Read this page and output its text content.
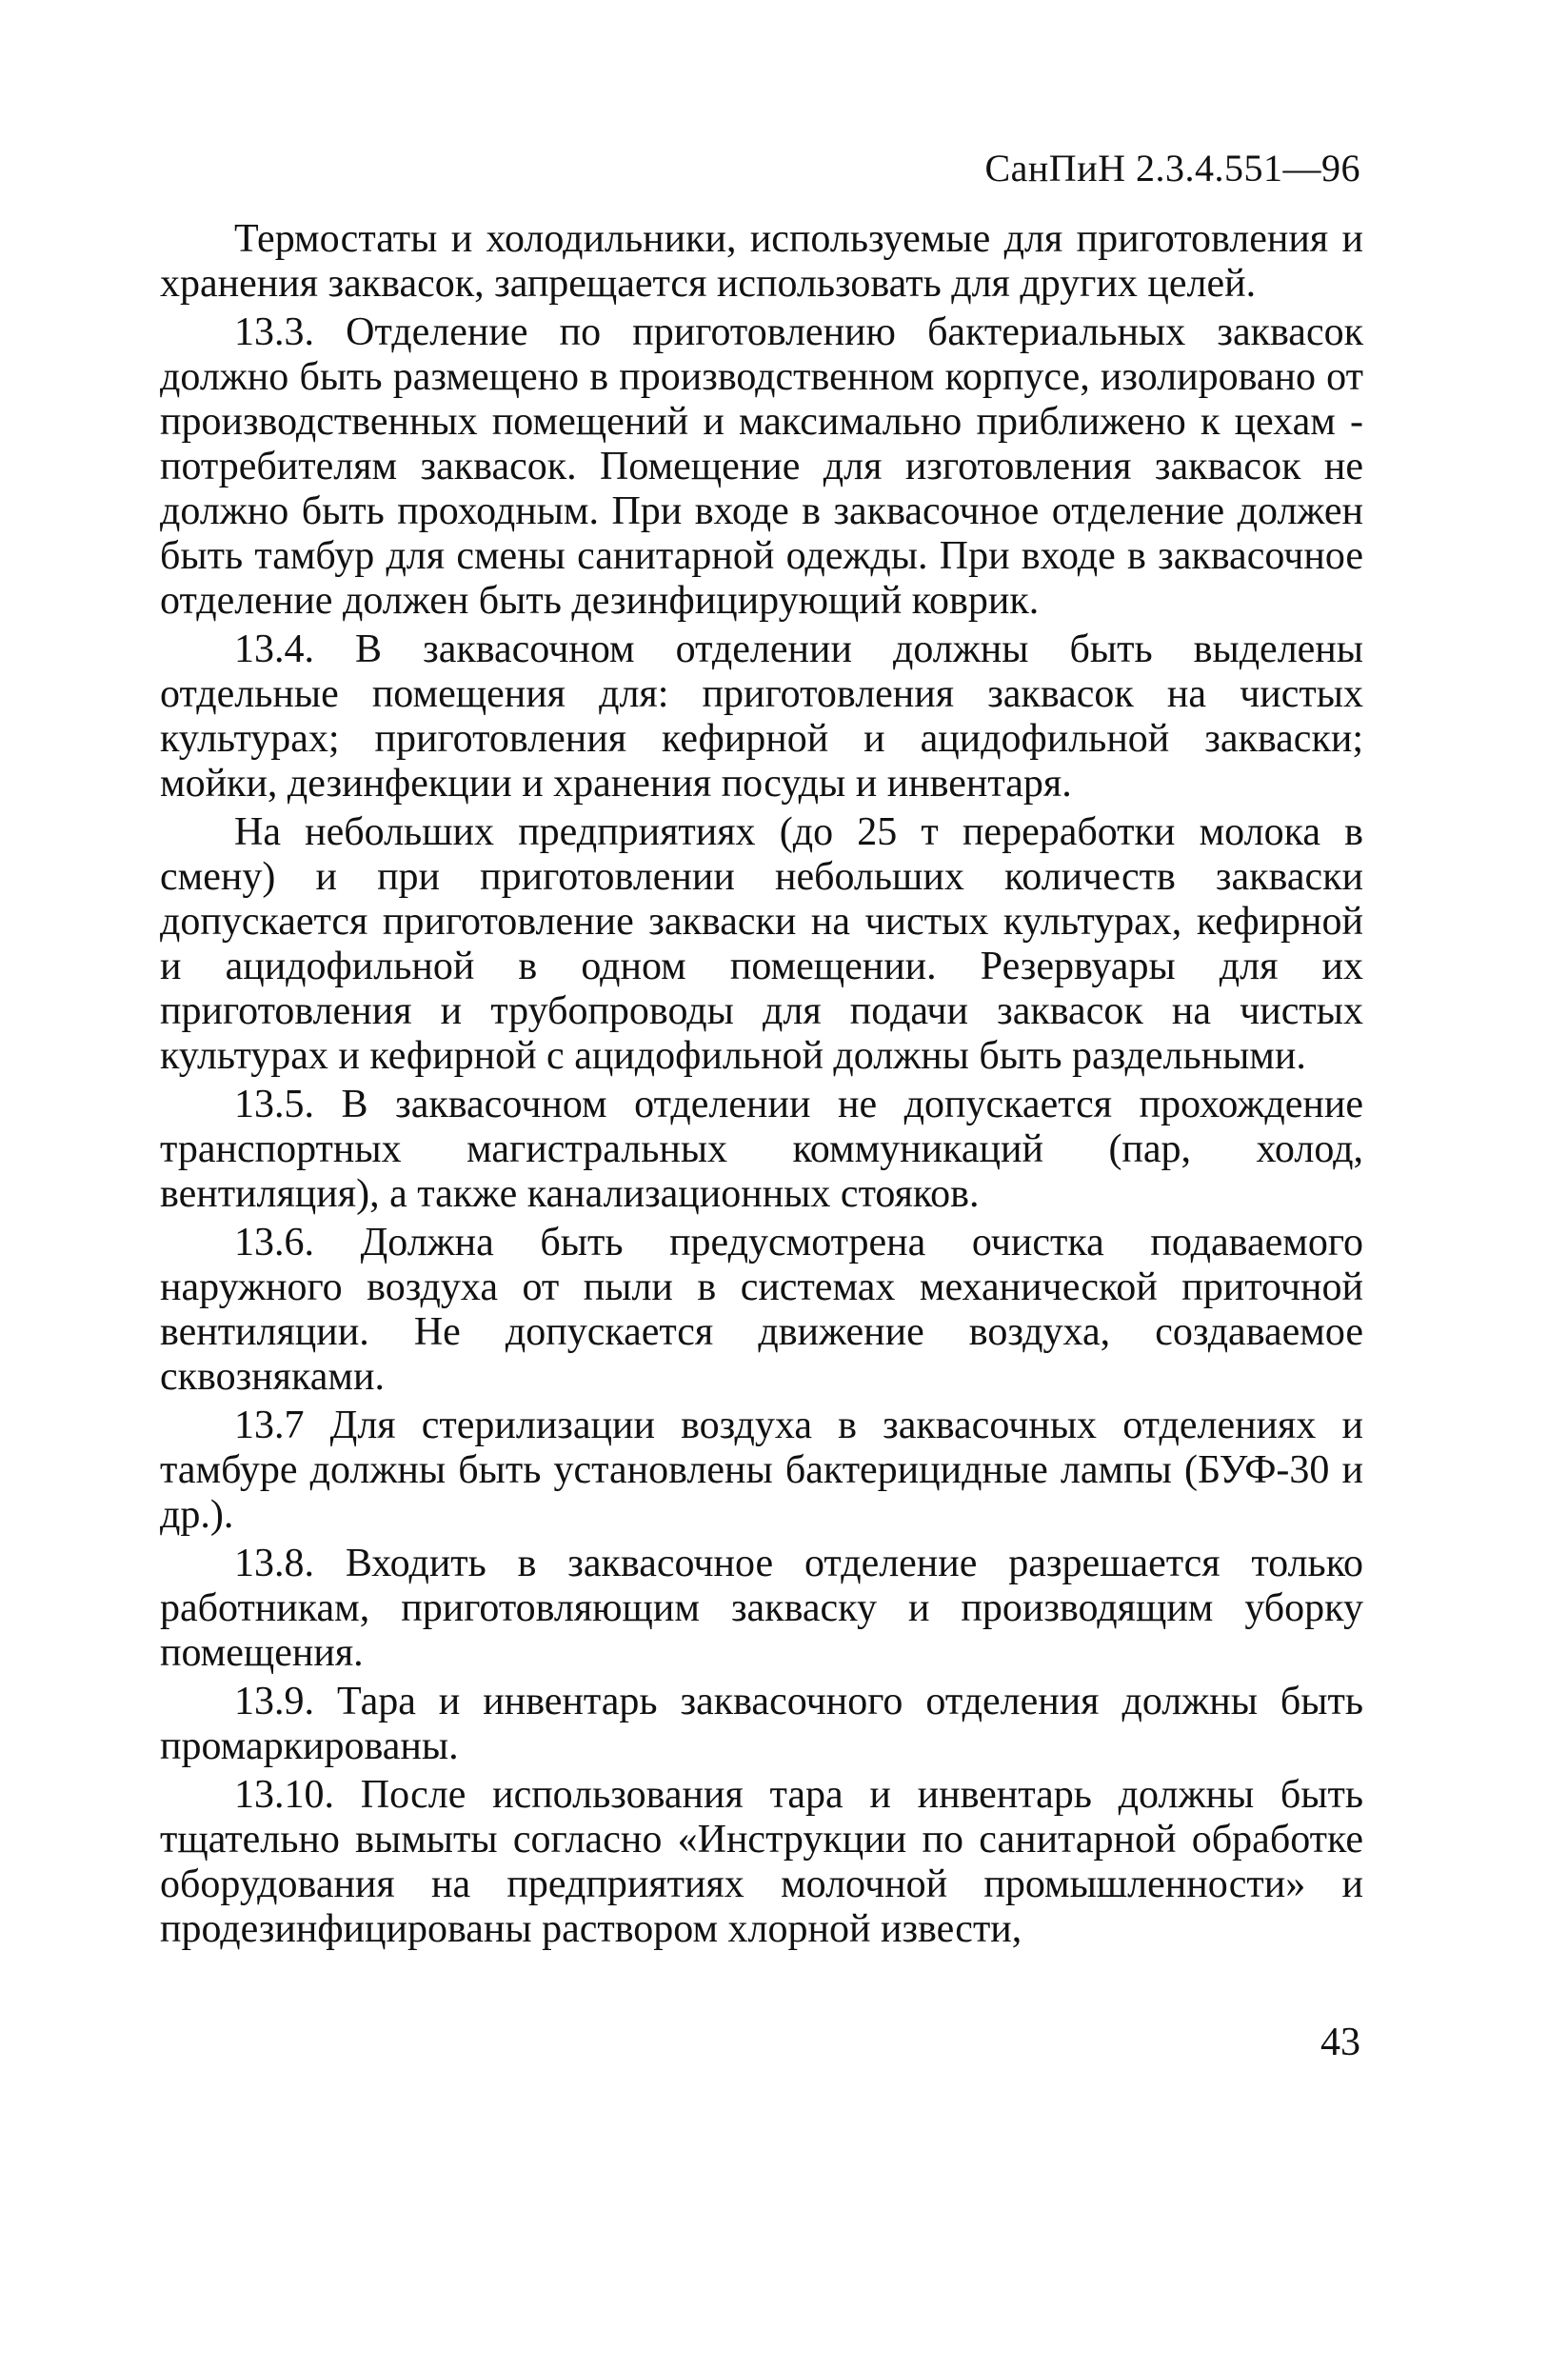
СанПиН 2.3.4.551—96

Термостаты и холодильники, используемые для приготовления и хранения заквасок, запрещается использовать для других целей.

13.3. Отделение по приготовлению бактериальных заквасок должно быть размещено в производственном корпусе, изолировано от производственных помещений и максимально приближено к цехам - потребителям заквасок. Помещение для изготовления заквасок не должно быть проходным. При входе в заквасочное отделение должен быть тамбур для смены санитарной одежды. При входе в заквасочное отделение должен быть дезинфицирующий коврик.

13.4. В заквасочном отделении должны быть выделены отдельные помещения для: приготовления заквасок на чистых культурах; приготовления кефирной и ацидофильной закваски; мойки, дезинфекции и хранения посуды и инвентаря.

На небольших предприятиях (до 25 т переработки молока в смену) и при приготовлении небольших количеств закваски допускается приготовление закваски на чистых культурах, кефирной и ацидофильной в одном помещении. Резервуары для их приготовления и трубопроводы для подачи заквасок на чистых культурах и кефирной с ацидофильной должны быть раздельными.

13.5. В заквасочном отделении не допускается прохождение транспортных магистральных коммуникаций (пар, холод, вентиляция), а также канализационных стояков.

13.6. Должна быть предусмотрена очистка подаваемого наружного воздуха от пыли в системах механической приточной вентиляции. Не допускается движение воздуха, создаваемое сквозняками.

13.7 Для стерилизации воздуха в заквасочных отделениях и тамбуре должны быть установлены бактерицидные лампы (БУФ-30 и др.).

13.8. Входить в заквасочное отделение разрешается только работникам, приготовляющим закваску и производящим уборку помещения.

13.9. Тара и инвентарь заквасочного отделения должны быть промаркированы.

13.10. После использования тара и инвентарь должны быть тщательно вымыты согласно «Инструкции по санитарной обработке оборудования на предприятиях молочной промышленности» и продезинфицированы раствором хлорной извести,

43
